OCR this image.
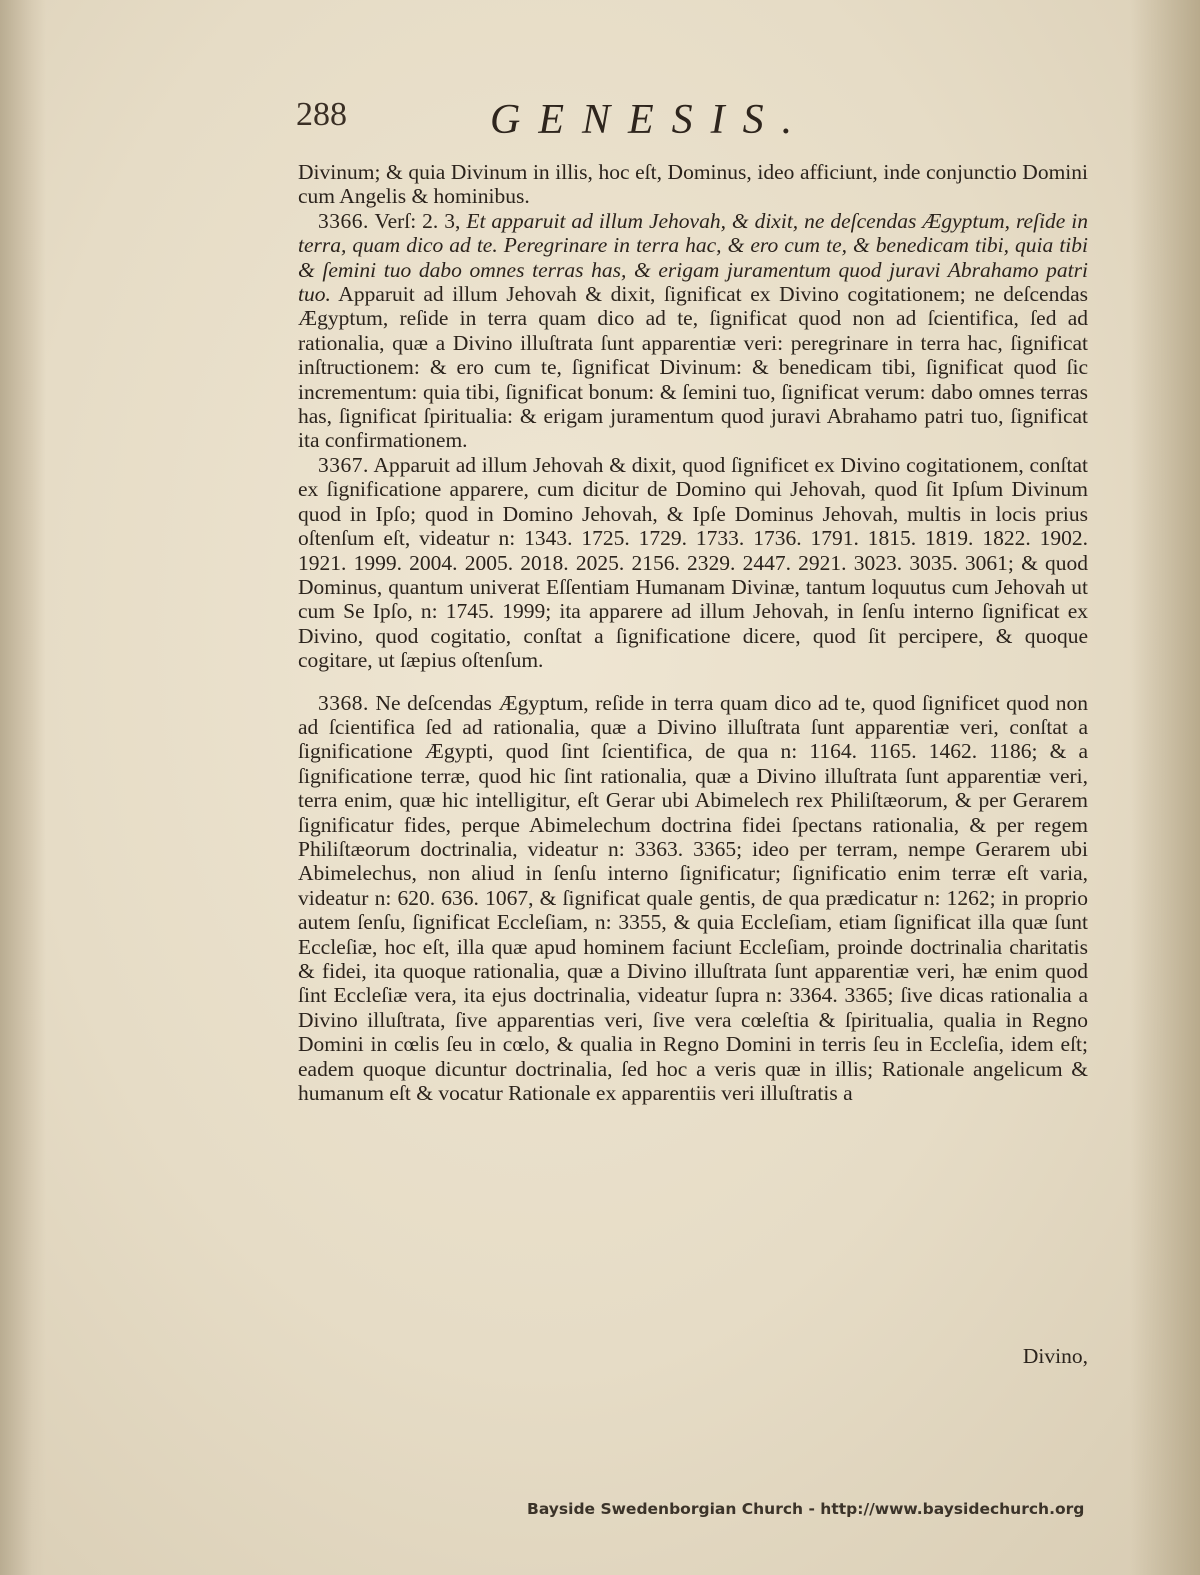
288	GENESIS.

Divinum; & quia Divinum in illis, hoc eſt, Dominus, ideo afficiunt, inde conjunctio Domini cum Angelis & hominibus.

3366. Verſ: 2. 3, Et apparuit ad illum Jehovah, & dixit, ne deſcendas Ægyptum, reſide in terra, quam dico ad te. Peregrinare in terra hac, & ero cum te, & benedicam tibi, quia tibi & ſemini tuo dabo omnes terras has, & erigam juramentum quod juravi Abrahamo patri tuo. Apparuit ad illum Jehovah & dixit, ſignificat ex Divino cogitationem; ne deſcendas Ægyptum, reſide in terra quam dico ad te, ſignificat quod non ad ſcientifica, ſed ad rationalia, quæ a Divino illuſtrata ſunt apparentiæ veri: peregrinare in terra hac, ſignificat inſtructionem: & ero cum te, ſignificat Divinum: & benedicam tibi, ſignificat quod ſic incrementum: quia tibi, ſignificat bonum: & ſemini tuo, ſignificat verum: dabo omnes terras has, ſignificat ſpiritualia: & erigam juramentum quod juravi Abrahamo patri tuo, ſignificat ita confirmationem.

3367. Apparuit ad illum Jehovah & dixit, quod ſignificet ex Divino cogitationem, conſtat ex ſignificatione apparere, cum dicitur de Domino qui Jehovah, quod ſit Ipſum Divinum quod in Ipſo; quod in Domino Jehovah, & Ipſe Dominus Jehovah, multis in locis prius oſtenſum eſt, videatur n: 1343. 1725. 1729. 1733. 1736. 1791. 1815. 1819. 1822. 1902. 1921. 1999. 2004. 2005. 2018. 2025. 2156. 2329. 2447. 2921. 3023. 3035. 3061; & quod Dominus, quantum univerat Eſſentiam Humanam Divinæ, tantum loquutus cum Jehovah ut cum Se Ipſo, n: 1745. 1999; ita apparere ad illum Jehovah, in ſenſu interno ſignificat ex Divino, quod cogitatio, conſtat a ſignificatione dicere, quod ſit percipere, & quoque cogitare, ut ſæpius oſtenſum.

3368. Ne deſcendas Ægyptum, reſide in terra quam dico ad te, quod ſignificet quod non ad ſcientifica ſed ad rationalia, quæ a Divino illuſtrata ſunt apparentiæ veri, conſtat a ſignificatione Ægypti, quod ſint ſcientifica, de qua n: 1164. 1165. 1462. 1186; & a ſignificatione terræ, quod hic ſint rationalia, quæ a Divino illuſtrata ſunt apparentiæ veri, terra enim, quæ hic intelligitur, eſt Gerar ubi Abimelech rex Philiſtæorum, & per Gerarem ſignificatur fides, perque Abimelechum doctrina fidei ſpectans rationalia, & per regem Philiſtæorum doctrinalia, videatur n: 3363. 3365; ideo per terram, nempe Gerarem ubi Abimelechus, non aliud in ſenſu interno ſignificatur; ſignificatio enim terræ eſt varia, videatur n: 620. 636. 1067, & ſignificat quale gentis, de qua prædicatur n: 1262; in proprio autem ſenſu, ſignificat Eccleſiam, n: 3355, & quia Eccleſiam, etiam ſignificat illa quæ ſunt Eccleſiæ, hoc eſt, illa quæ apud hominem faciunt Eccleſiam, proinde doctrinalia charitatis & fidei, ita quoque rationalia, quæ a Divino illuſtrata ſunt apparentiæ veri, hæ enim quod ſint Eccleſiæ vera, ita ejus doctrinalia, videatur ſupra n: 3364. 3365; ſive dicas rationalia a Divino illuſtrata, ſive apparentias veri, ſive vera cœleſtia & ſpiritualia, qualia in Regno Domini in cœlis ſeu in cœlo, & qualia in Regno Domini in terris ſeu in Eccleſia, idem eſt; eadem quoque dicuntur doctrinalia, ſed hoc a veris quæ in illis; Rationale angelicum & humanum eſt & vocatur Rationale ex apparentiis veri illuſtratis a

Divino,
Bayside Swedenborgian Church - http://www.baysidechurch.org
